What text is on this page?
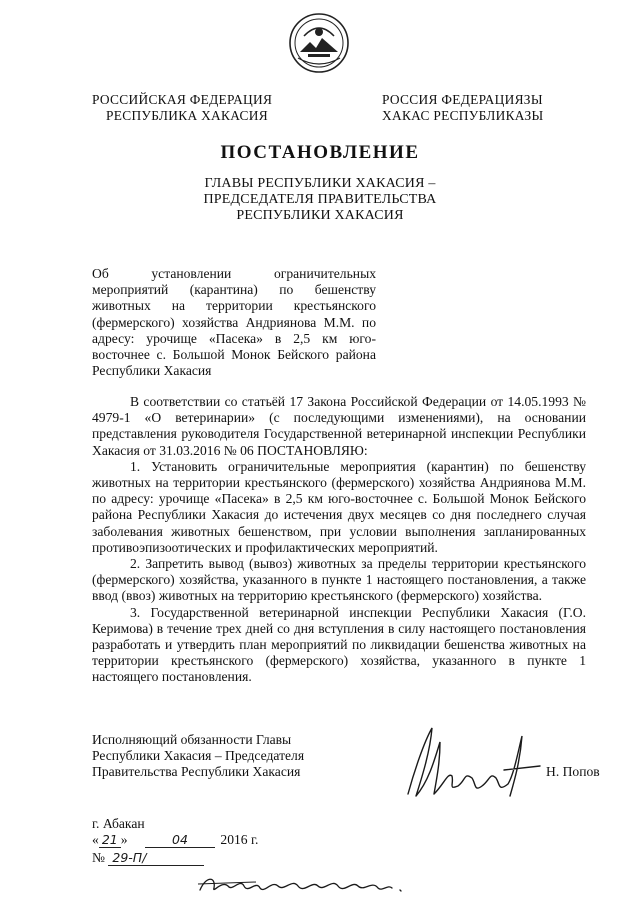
РОССИЙСКАЯ ФЕДЕРАЦИЯ
РЕСПУБЛИКА ХАКАСИЯ
РОССИЯ ФЕДЕРАЦИЯЗЫ
ХАКАС РЕСПУБЛИКАЗЫ
ПОСТАНОВЛЕНИЕ
ГЛАВЫ РЕСПУБЛИКИ ХАКАСИЯ –
ПРЕДСЕДАТЕЛЯ ПРАВИТЕЛЬСТВА
РЕСПУБЛИКИ ХАКАСИЯ
Об установлении ограничительных мероприятий (карантина) по бешенству животных на территории крестьянского (фермерского) хозяйства Андриянова М.М. по адресу: урочище «Пасека» в 2,5 км юго-восточнее с. Большой Монок Бейского района Республики Хакасия

В соответствии со статьёй 17 Закона Российской Федерации от 14.05.1993 № 4979-1 «О ветеринарии» (с последующими изменениями), на основании представления руководителя Государственной ветеринарной инспекции Республики Хакасия от 31.03.2016 № 06 ПОСТАНОВЛЯЮ:

1. Установить ограничительные мероприятия (карантин) по бешенству животных на территории крестьянского (фермерского) хозяйства Андриянова М.М. по адресу: урочище «Пасека» в 2,5 км юго-восточнее с. Большой Монок Бейского района Республики Хакасия до истечения двух месяцев со дня последнего случая заболевания животных бешенством, при условии выполнения запланированных противоэпизоотических и профилактических мероприятий.

2. Запретить вывод (вывоз) животных за пределы территории крестьянского (фермерского) хозяйства, указанного в пункте 1 настоящего постановления, а также ввод (ввоз) животных на территорию крестьянского (фермерского) хозяйства.

3. Государственной ветеринарной инспекции Республики Хакасия (Г.О. Керимова) в течение трех дней со дня вступления в силу настоящего постановления разработать и утвердить план мероприятий по ликвидации бешенства животных на территории крестьянского (фермерского) хозяйства, указанного в пункте 1 настоящего постановления.

Исполняющий обязанности Главы
Республики Хакасия – Председателя
Правительства Республики Хакасия	Н. Попов
г. Абакан
« 21 »	04 2016 г.
№ 29-П/
